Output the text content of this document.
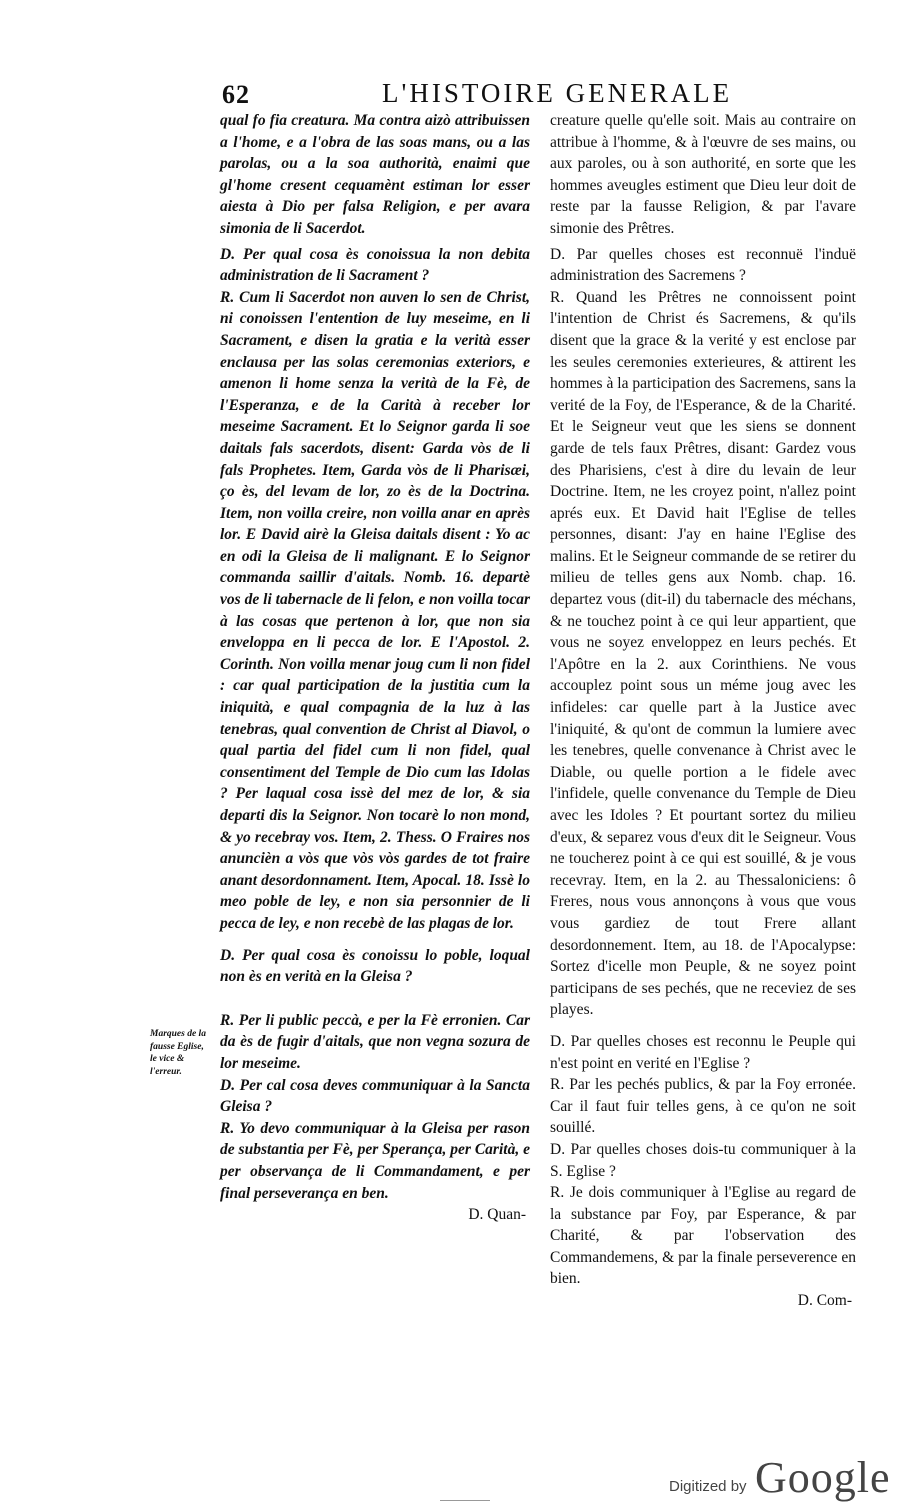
62	L'HISTOIRE GENERALE

qual fo fia creatura. Ma contra aizò attribuissen a l'home, e a l'obra de las soas mans, ou a las parolas, ou a la soa authorità, enaimi que gl'home cresent cequamènt estiman lor esser aiesta à Dio per falsa Religion, e per avara simonia de li Sacerdot.

D. Per qual cosa ès conoissua la non debita administration de li Sacrament ?

R. Cum li Sacerdot non auven lo sen de Christ, ni conoissen l'entention de luy meseime, en li Sacrament, e disen la gratia e la verità esser enclausa per las solas ceremonias exteriors, e amenon li home senza la verità de la Fè, de l'Esperanza, e de la Carità à receber lor meseime Sacrament. Et lo Seignor garda li soe daitals fals sacerdots, disent: Garda vòs de li fals Prophetes. Item, Garda vòs de li Pharisæi, ço ès, del levam de lor, zo ès de la Doctrina. Item, non voilla creire, non voilla anar en après lor. E David airè la Gleisa daitals disent : Yo ac en odi la Gleisa de li malignant. E lo Seignor commanda saillir d'aitals. Nomb. 16. departè vos de li tabernacle de li felon, e non voilla tocar à las cosas que pertenon à lor, que non sia enveloppa en li pecca de lor. E l'Apostol. 2. Corinth. Non voilla menar joug cum li non fidel : car qual participation de la justitia cum la iniquità, e qual compagnia de la luz à las tenebras, qual convention de Christ al Diavol, o qual partia del fidel cum li non fidel, qual consentiment del Temple de Dio cum las Idolas ? Per laqual cosa issè del mez de lor, & sia departi dis la Seignor. Non tocarè lo non mond, & yo recebray vos. Item, 2. Thess. O Fraires nos anuncièn a vòs que vòs vòs gardes de tot fraire anant desordonnament. Item, Apocal. 18. Issè lo meo poble de ley, e non sia personnier de li pecca de ley, e non recebè de las plagas de lor.

D. Per qual cosa ès conoissu lo poble, loqual non ès en verità en la Gleisa ?

R. Per li public peccà, e per la Fè erronien. Car da ès de fugir d'aitals, que non vegna sozura de lor meseime.

D. Per cal cosa deves communiquar à la Sancta Gleisa ?

R. Yo devo communiquar à la Gleisa per rason de substantia per Fè, per Sperança, per Carità, e per observança de li Commandament, e per final perseverança en ben.

D. Quan-

creature quelle qu'elle soit. Mais au contraire on attribue à l'homme, & à l'œuvre de ses mains, ou aux paroles, ou à son authorité, en sorte que les hommes aveugles estiment que Dieu leur doit de reste par la fausse Religion, & par l'avare simonie des Prêtres.

D. Par quelles choses est reconnuë l'induë administration des Sacremens ?

R. Quand les Prêtres ne connoissent point l'intention de Christ és Sacremens, & qu'ils disent que la grace & la verité y est enclose par les seules ceremonies exterieures, & attirent les hommes à la participation des Sacremens, sans la verité de la Foy, de l'Esperance, & de la Charité. Et le Seigneur veut que les siens se donnent garde de tels faux Prêtres, disant: Gardez vous des Pharisiens, c'est à dire du levain de leur Doctrine. Item, ne les croyez point, n'allez point aprés eux. Et David hait l'Eglise de telles personnes, disant: J'ay en haine l'Eglise des malins. Et le Seigneur commande de se retirer du milieu de telles gens aux Nomb. chap. 16. departez vous (dit-il) du tabernacle des méchans, & ne touchez point à ce qui leur appartient, que vous ne soyez enveloppez en leurs pechés. Et l'Apôtre en la 2. aux Corinthiens. Ne vous accouplez point sous un méme joug avec les infideles: car quelle part à la Justice avec l'iniquité, & qu'ont de commun la lumiere avec les tenebres, quelle convenance à Christ avec le Diable, ou quelle portion a le fidele avec l'infidele, quelle convenance du Temple de Dieu avec les Idoles ? Et pourtant sortez du milieu d'eux, & separez vous d'eux dit le Seigneur. Vous ne toucherez point à ce qui est souillé, & je vous recevray. Item, en la 2. au Thessaloniciens: ô Freres, nous vous annonçons à vous que vous vous gardiez de tout Frere allant desordonnement. Item, au 18. de l'Apocalypse: Sortez d'icelle mon Peuple, & ne soyez point participans de ses pechés, que ne receviez de ses playes.

D. Par quelles choses est reconnu le Peuple qui n'est point en verité en l'Eglise ?

R. Par les pechés publics, & par la Foy erronée. Car il faut fuir telles gens, à ce qu'on ne soit souillé.

D. Par quelles choses dois-tu communiquer à la S. Eglise ?

R. Je dois communiquer à l'Eglise au regard de la substance par Foy, par Esperance, & par Charité, & par l'observation des Commandemens, & par la finale perseverence en bien.

D. Com-

Marques de la fausse Eglise, le vice & l'erreur.
Digitized by Google
